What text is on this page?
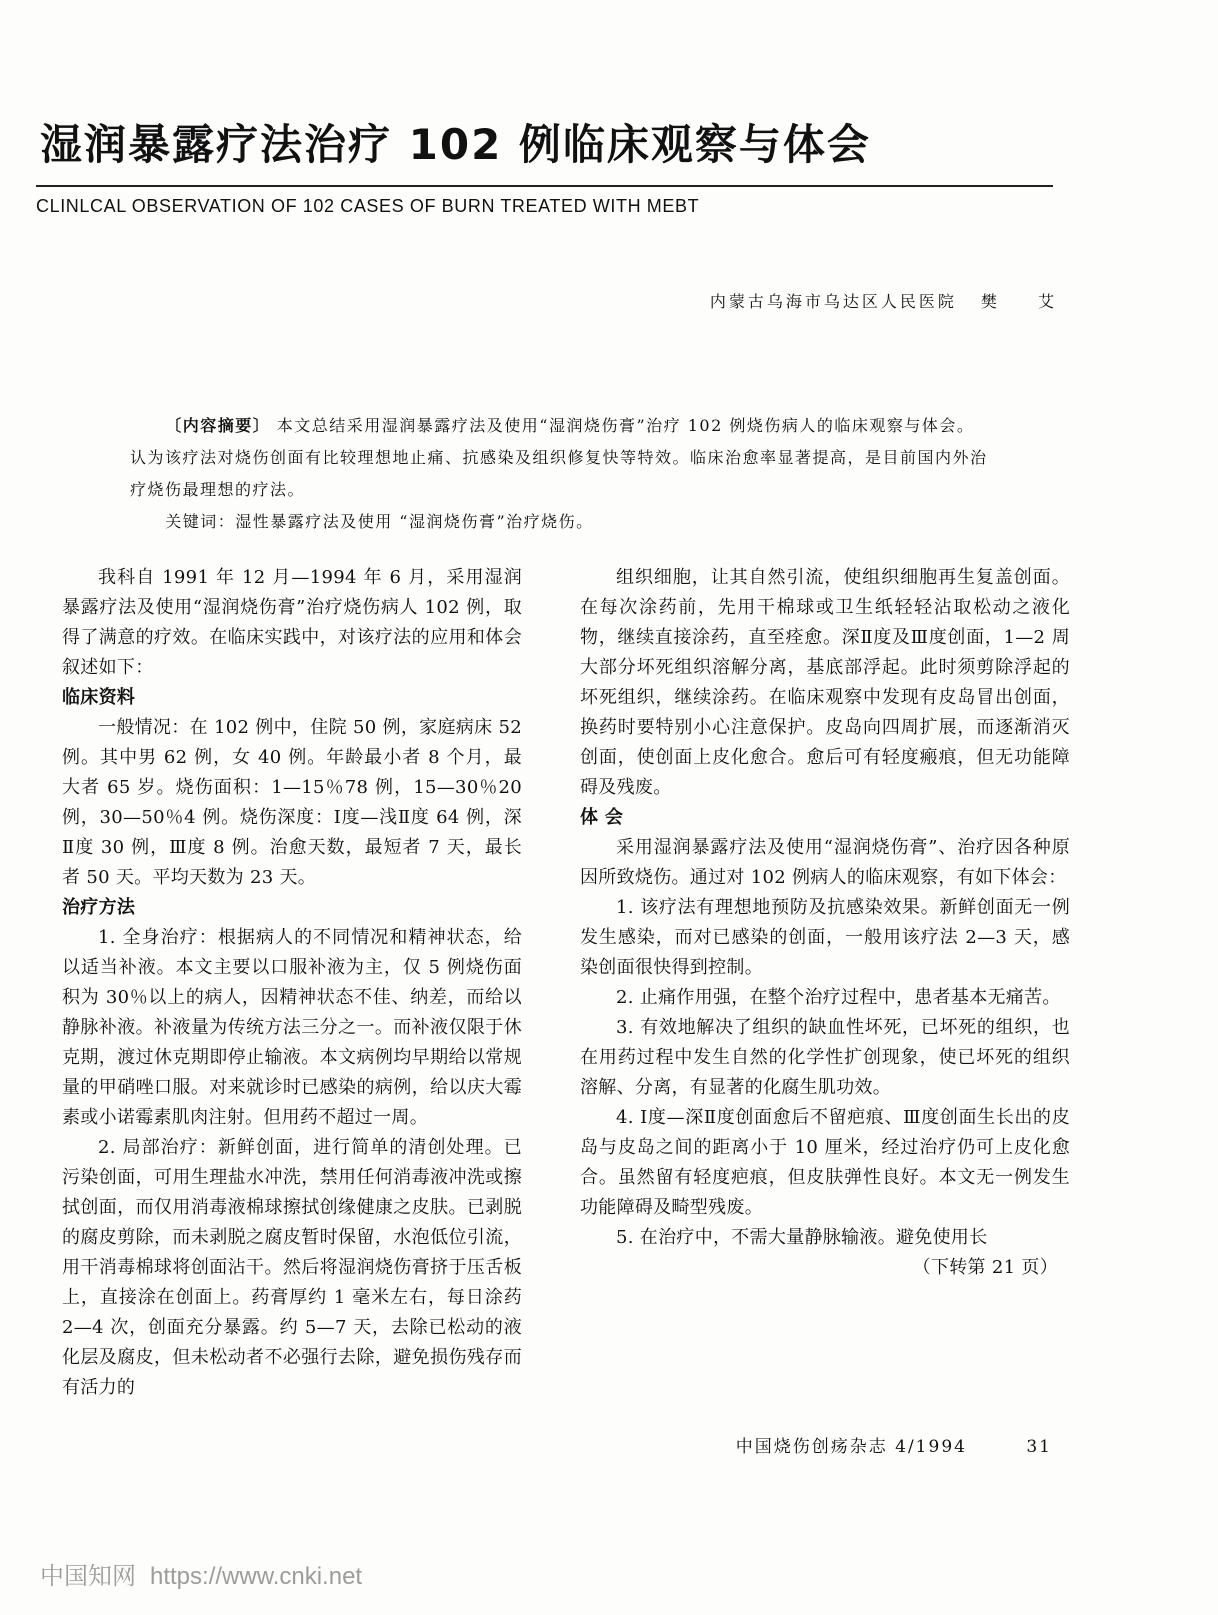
湿润暴露疗法治疗 102 例临床观察与体会
CLINLCAL OBSERVATION OF 102 CASES OF BURN TREATED WITH MEBT
内蒙古乌海市乌达区人民医院 樊 艾

〔内容摘要〕 本文总结采用湿润暴露疗法及使用“湿润烧伤膏”治疗 102 例烧伤病人的临床观察与体会。认为该疗法对烧伤创面有比较理想地止痛、抗感染及组织修复快等特效。临床治愈率显著提高，是目前国内外治疗烧伤最理想的疗法。

关键词：湿性暴露疗法及使用 “湿润烧伤膏”治疗烧伤。

我科自 1991 年 12 月—1994 年 6 月，采用湿润暴露疗法及使用“湿润烧伤膏”治疗烧伤病人 102 例，取得了满意的疗效。在临床实践中，对该疗法的应用和体会叙述如下：

临床资料

一般情况：在 102 例中，住院 50 例，家庭病床 52 例。其中男 62 例，女 40 例。年龄最小者 8 个月，最大者 65 岁。烧伤面积：1—15％78 例，15—30％20 例，30—50％4 例。烧伤深度：Ⅰ度—浅Ⅱ度 64 例，深Ⅱ度 30 例，Ⅲ度 8 例。治愈天数，最短者 7 天，最长者 50 天。平均天数为 23 天。

治疗方法

1. 全身治疗：根据病人的不同情况和精神状态，给以适当补液。本文主要以口服补液为主，仅 5 例烧伤面积为 30％以上的病人，因精神状态不佳、纳差，而给以静脉补液。补液量为传统方法三分之一。而补液仅限于休克期，渡过休克期即停止输液。本文病例均早期给以常规量的甲硝唑口服。对来就诊时已感染的病例，给以庆大霉素或小诺霉素肌肉注射。但用药不超过一周。

2. 局部治疗：新鲜创面，进行简单的清创处理。已污染创面，可用生理盐水冲洗，禁用任何消毒液冲洗或擦拭创面，而仅用消毒液棉球擦拭创缘健康之皮肤。已剥脱的腐皮剪除，而未剥脱之腐皮暂时保留，水泡低位引流，用干消毒棉球将创面沾干。然后将湿润烧伤膏挤于压舌板上，直接涂在创面上。药膏厚约 1 毫米左右，每日涂药 2—4 次，创面充分暴露。约 5—7 天，去除已松动的液化层及腐皮，但未松动者不必强行去除，避免损伤残存而有活力的

组织细胞，让其自然引流，使组织细胞再生复盖创面。在每次涂药前，先用干棉球或卫生纸轻轻沾取松动之液化物，继续直接涂药，直至痊愈。深Ⅱ度及Ⅲ度创面，1—2 周大部分坏死组织溶解分离，基底部浮起。此时须剪除浮起的坏死组织，继续涂药。在临床观察中发现有皮岛冒出创面，换药时要特别小心注意保护。皮岛向四周扩展，而逐渐消灭创面，使创面上皮化愈合。愈后可有轻度瘢痕，但无功能障碍及残废。

体 会

采用湿润暴露疗法及使用“湿润烧伤膏”、治疗因各种原因所致烧伤。通过对 102 例病人的临床观察，有如下体会：

1. 该疗法有理想地预防及抗感染效果。新鲜创面无一例发生感染，而对已感染的创面，一般用该疗法 2—3 天，感染创面很快得到控制。

2. 止痛作用强，在整个治疗过程中，患者基本无痛苦。

3. 有效地解决了组织的缺血性坏死，已坏死的组织，也在用药过程中发生自然的化学性扩创现象，使已坏死的组织溶解、分离，有显著的化腐生肌功效。

4. Ⅰ度—深Ⅱ度创面愈后不留疤痕、Ⅲ度创面生长出的皮岛与皮岛之间的距离小于 10 厘米，经过治疗仍可上皮化愈合。虽然留有轻度疤痕，但皮肤弹性良好。本文无一例发生功能障碍及畸型残废。

5. 在治疗中，不需大量静脉输液。避免使用长

（下转第 21 页）
中国烧伤创疡杂志 4/1994	31
中国知网 https://www.cnki.net
